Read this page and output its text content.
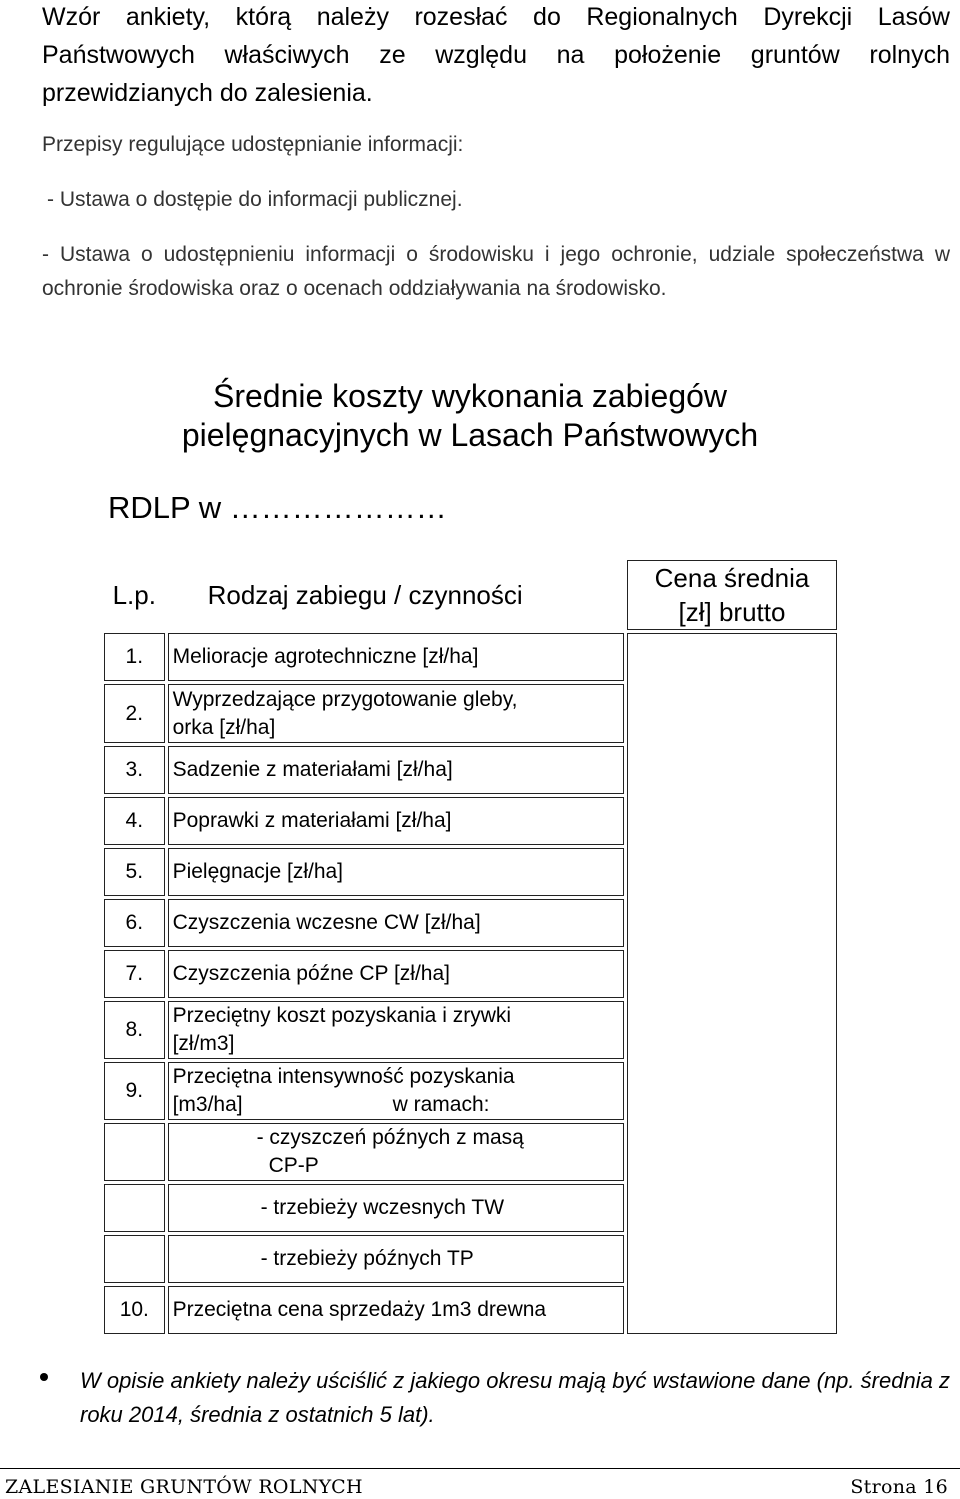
Wzór ankiety, którą należy rozesłać do Regionalnych Dyrekcji Lasów Państwowych właściwych ze względu na położenie gruntów rolnych przewidzianych do zalesienia.
Przepisy regulujące udostępnianie informacji:
- Ustawa o dostępie do informacji publicznej.
- Ustawa o udostępnieniu informacji o środowisku i jego ochronie, udziale społeczeństwa w ochronie środowiska oraz o ocenach oddziaływania na środowisko.
Średnie koszty wykonania zabiegów
pielęgnacyjnych w Lasach Państwowych
RDLP w …………………
L.p.	Rodzaj zabiegu / czynności	Cena średnia
[zł] brutto

1.	Melioracje agrotechniczne [zł/ha]	
2.	Wyprzedzające przygotowanie gleby,
orka [zł/ha]	

3.	Sadzenie z materiałami [zł/ha]	
4.	Poprawki z materiałami [zł/ha]	
5.	Pielęgnacje [zł/ha]	
6.	Czyszczenia wczesne CW [zł/ha]	
7.	Czyszczenia późne CP [zł/ha]	
8.	Przeciętny koszt pozyskania i zrywki
[zł/m3]	

9.	Przeciętna intensywność pozyskania
[m3/ha] w ramach:	

	- czyszczeń późnych z masą
CP-P	

	- trzebieży wczesnych TW	
	- trzebieży późnych TP	
10.	Przeciętna cena sprzedaży 1m3 drewna	
W opisie ankiety należy uściślić z jakiego okresu mają być wstawione dane (np. średnia z roku 2014, średnia z ostatnich 5 lat).
ZALESIANIE GRUNTÓW ROLNYCH	Strona 16
